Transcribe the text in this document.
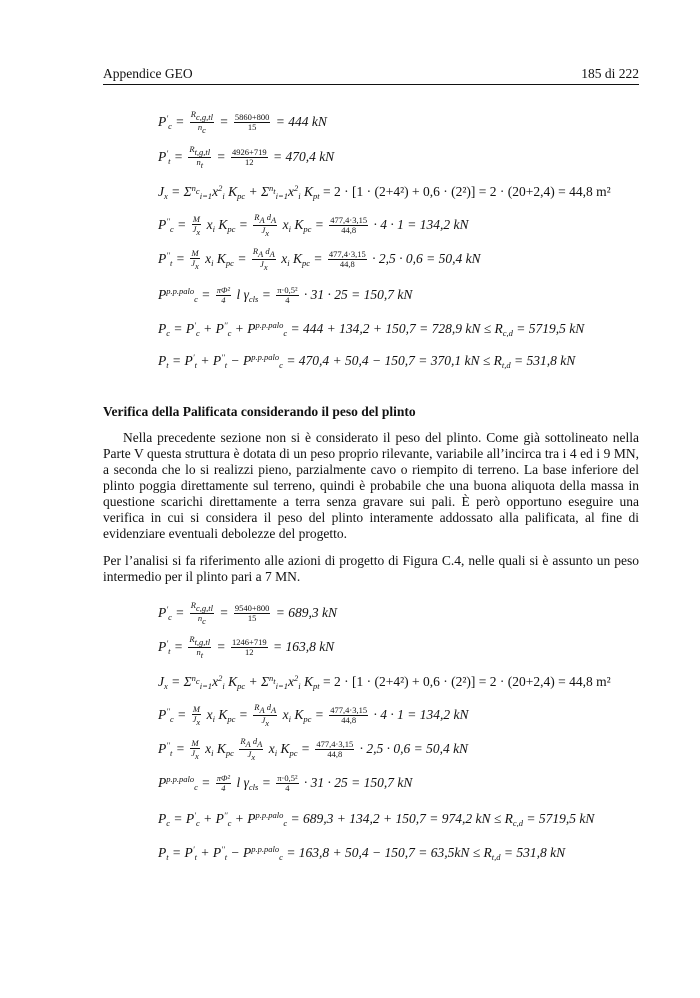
Appendice GEO	185 di 222
$P'_c = \frac{R_{c,g,tl}}{n_c} = \frac{5860+800}{15} = 444$ kN
$P'_t = \frac{R_{t,g,tl}}{n_t} = \frac{4926+719}{12} = 470,4$ kN
$J_x = \Sigma^{n_c}_{i=1}x^2_i$ $K_{pc} + \Sigma^{n_t}_{i=1}x^2_i$ $K_{pt} = 2 \cdot [1 \cdot (2+4^2) + 0,6 \cdot (2^2)] = 2 \cdot (20+2,4) = 44,8$ m²
$P''_c = \frac{M}{J_x} x_i$ $K_{pc} = \frac{R_A d_A}{J_x} x_i$ $K_{pc} = \frac{477,4\cdot 3,15}{44,8} \cdot 4 \cdot 1 = 134,2$ kN
$P''_t = \frac{M}{J_x} x_i$ $K_{pc} = \frac{R_A d_A}{J_x} x_i$ $K_{pc} = \frac{477,4\cdot 3,15}{44,8} \cdot 2,5 \cdot 0,6 = 50,4$ kN
$P^{p.p.palo}_c = \frac{\text{πΦ²}}{4}$ l $\gamma_{cls} = \frac{\text{π·0,5²}}{4} \cdot 31 \cdot 25 = 150,7$ kN
$P_c = P'_c + P''_c + P^{p.p.palo}_c = 444 + 134,2 + 150,7 = 728,9$ kN ≤ $R_{c,d} = 5719,5$ kN
$P_t = P'_t + P''_t - P^{p.p.palo}_c = 470,4 + 50,4 - 150,7 = 370,1$ kN ≤ $R_{t,d} = 531,8$ kN
Verifica della Palificata considerando il peso del plinto
Nella precedente sezione non si è considerato il peso del plinto. Come già sottolineato nella Parte V questa struttura è dotata di un peso proprio rilevante, variabile all’incirca tra i 4 ed i 9 MN, a seconda che lo si realizzi pieno, parzialmente cavo o riempito di terreno. La base inferiore del plinto poggia direttamente sul terreno, quindi è probabile che una buona aliquota della massa in questione scarichi direttamente a terra senza gravare sui pali. È però opportuno eseguire una verifica in cui si considera il peso del plinto interamente addossato alla palificata, al fine di evidenziare eventuali debolezze del progetto.
Per l’analisi si fa riferimento alle azioni di progetto di Figura C.4, nelle quali si è assunto un peso intermedio per il plinto pari a 7 MN.
$P'_c = \frac{R_{c,g,tl}}{n_c} = \frac{9540+800}{15} = 689,3$ kN
$P'_t = \frac{R_{t,g,tl}}{n_t} = \frac{1246+719}{12} = 163,8$ kN
$J_x = \Sigma^{n_c}_{i=1}x^2_i$ $K_{pc} + \Sigma^{n_t}_{i=1}x^2_i$ $K_{pt} = 2 \cdot [1 \cdot (2+4^2) + 0,6 \cdot (2^2)] = 2 \cdot (20+2,4) = 44,8$ m²
$P''_c = \frac{M}{J_x} x_i$ $K_{pc} = \frac{R_A d_A}{J_x} x_i$ $K_{pc} = \frac{477,4\cdot 3,15}{44,8} \cdot 4 \cdot 1 = 134,2$ kN
$P''_t = \frac{M}{J_x} x_i$ $K_{pc} \frac{R_A d_A}{J_x} x_i$ $K_{pc} = \frac{477,4\cdot 3,15}{44,8} \cdot 2,5 \cdot 0,6 = 50,4$ kN
$P^{p.p.palo}_c = \frac{\text{πΦ²}}{4}$ l $\gamma_{cls} = \frac{\text{π·0,5²}}{4} \cdot 31 \cdot 25 = 150,7$ kN
$P_c = P'_c + P''_c + P^{p.p.palo}_c = 689,3 + 134,2 + 150,7 = 974,2$ kN ≤ $R_{c,d} = 5719,5$ kN
$P_t = P'_t + P''_t - P^{p.p.palo}_c = 163,8 + 50,4 - 150,7 = 63,5kN \le R_{t,d} = 531,8$ kN
